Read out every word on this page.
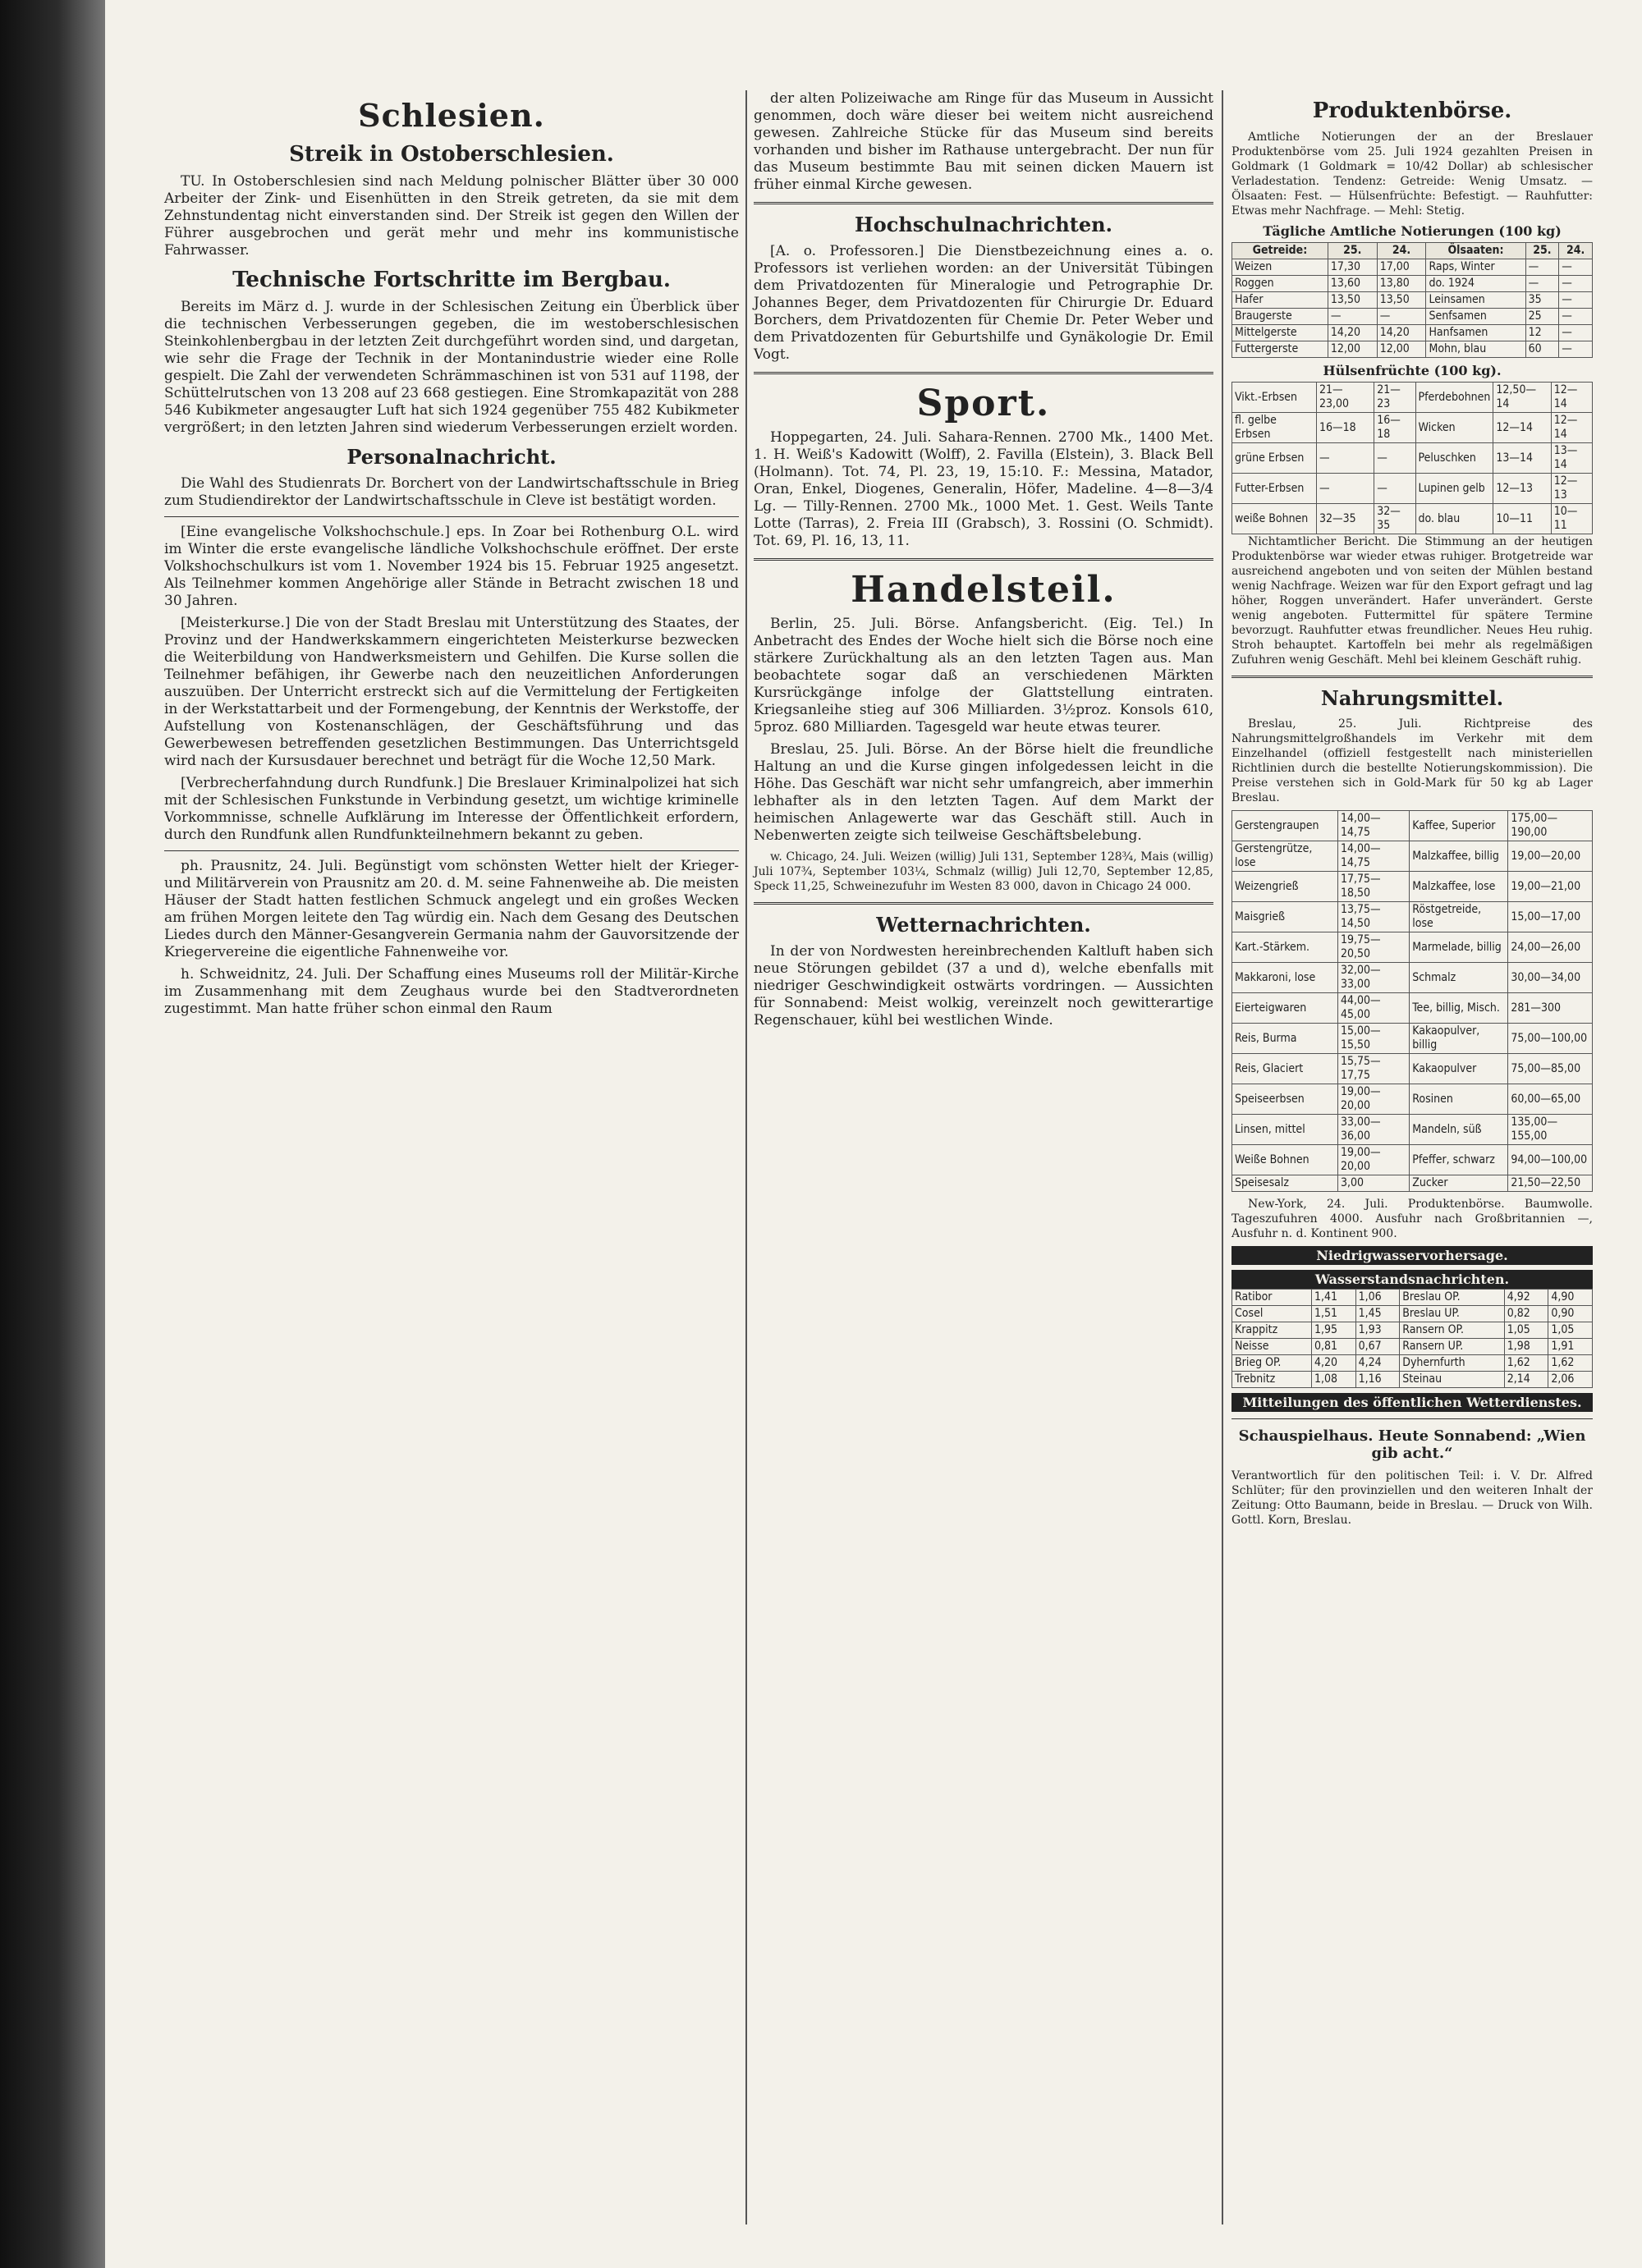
Schlesien.
Streik in Ostoberschlesien.

TU. In Ostoberschlesien sind nach Meldung polnischer Blätter über 30 000 Arbeiter der Zink- und Eisenhütten in den Streik getreten, da sie mit dem Zehnstundentag nicht einverstanden sind. Der Streik ist gegen den Willen der Führer ausgebrochen und gerät mehr und mehr ins kommunistische Fahrwasser.

Technische Fortschritte im Bergbau.

Bereits im März d. J. wurde in der Schlesischen Zeitung ein Überblick über die technischen Verbesserungen gegeben, die im westoberschlesischen Steinkohlenbergbau in der letzten Zeit durchgeführt worden sind, und dargetan, wie sehr die Frage der Technik in der Montanindustrie wieder eine Rolle gespielt. Die Zahl der verwendeten Schrämmaschinen ist von 531 auf 1198, der Schüttelrutschen von 13 208 auf 23 668 gestiegen. Eine Stromkapazität von 288 546 Kubikmeter angesaugter Luft hat sich 1924 gegenüber 755 482 Kubikmeter vergrößert; in den letzten Jahren sind wiederum Verbesserungen erzielt worden.

Personalnachricht.

Die Wahl des Studienrats Dr. Borchert von der Landwirtschaftsschule in Brieg zum Studiendirektor der Landwirtschaftsschule in Cleve ist bestätigt worden.

[Eine evangelische Volkshochschule.] eps. In Zoar bei Rothenburg O.L. wird im Winter die erste evangelische ländliche Volkshochschule eröffnet. Der erste Volkshochschulkurs ist vom 1. November 1924 bis 15. Februar 1925 angesetzt. Als Teilnehmer kommen Angehörige aller Stände in Betracht zwischen 18 und 30 Jahren.

[Meisterkurse.] Die von der Stadt Breslau mit Unterstützung des Staates, der Provinz und der Handwerkskammern eingerichteten Meisterkurse bezwecken die Weiterbildung von Handwerksmeistern und Gehilfen. Die Kurse sollen die Teilnehmer befähigen, ihr Gewerbe nach den neuzeitlichen Anforderungen auszuüben. Der Unterricht erstreckt sich auf die Vermittelung der Fertigkeiten in der Werkstattarbeit und der Formengebung, der Kenntnis der Werkstoffe, der Aufstellung von Kostenanschlägen, der Geschäftsführung und das Gewerbewesen betreffenden gesetzlichen Bestimmungen. Das Unterrichtsgeld wird nach der Kursusdauer berechnet und beträgt für die Woche 12,50 Mark.

[Verbrecherfahndung durch Rundfunk.] Die Breslauer Kriminalpolizei hat sich mit der Schlesischen Funkstunde in Verbindung gesetzt, um wichtige kriminelle Vorkommnisse, schnelle Aufklärung im Interesse der Öffentlichkeit erfordern, durch den Rundfunk allen Rundfunkteilnehmern bekannt zu geben.

ph. Prausnitz, 24. Juli. Begünstigt vom schönsten Wetter hielt der Krieger- und Militärverein von Prausnitz am 20. d. M. seine Fahnenweihe ab. Die meisten Häuser der Stadt hatten festlichen Schmuck angelegt und ein großes Wecken am frühen Morgen leitete den Tag würdig ein. Nach dem Gesang des Deutschen Liedes durch den Männer-Gesangverein Germania nahm der Gauvorsitzende der Kriegervereine die eigentliche Fahnenweihe vor.

h. Schweidnitz, 24. Juli. Der Schaffung eines Museums roll der Militär-Kirche im Zusammenhang mit dem Zeughaus wurde bei den Stadtverordneten zugestimmt. Man hatte früher schon einmal den Raum

der alten Polizeiwache am Ringe für das Museum in Aussicht genommen, doch wäre dieser bei weitem nicht ausreichend gewesen. Zahlreiche Stücke für das Museum sind bereits vorhanden und bisher im Rathause untergebracht. Der nun für das Museum bestimmte Bau mit seinen dicken Mauern ist früher einmal Kirche gewesen.

Hochschulnachrichten.

[A. o. Professoren.] Die Dienstbezeichnung eines a. o. Professors ist verliehen worden: an der Universität Tübingen dem Privatdozenten für Mineralogie und Petrographie Dr. Johannes Beger, dem Privatdozenten für Chirurgie Dr. Eduard Borchers, dem Privatdozenten für Chemie Dr. Peter Weber und dem Privatdozenten für Geburtshilfe und Gynäkologie Dr. Emil Vogt.

Sport.

Hoppegarten, 24. Juli. Sahara-Rennen. 2700 Mk., 1400 Met. 1. H. Weiß's Kadowitt (Wolff), 2. Favilla (Elstein), 3. Black Bell (Holmann). Tot. 74, Pl. 23, 19, 15:10. F.: Messina, Matador, Oran, Enkel, Diogenes, Generalin, Höfer, Madeline. 4—8—3/4 Lg. — Tilly-Rennen. 2700 Mk., 1000 Met. 1. Gest. Weils Tante Lotte (Tarras), 2. Freia III (Grabsch), 3. Rossini (O. Schmidt). Tot. 69, Pl. 16, 13, 11.

Handelsteil.

Berlin, 25. Juli. Börse. Anfangsbericht. (Eig. Tel.) In Anbetracht des Endes der Woche hielt sich die Börse noch eine stärkere Zurückhaltung als an den letzten Tagen aus. Man beobachtete sogar daß an verschiedenen Märkten Kursrückgänge infolge der Glattstellung eintraten. Kriegsanleihe stieg auf 306 Milliarden. 3½proz. Konsols 610, 5proz. 680 Milliarden. Tagesgeld war heute etwas teurer.

Breslau, 25. Juli. Börse. An der Börse hielt die freundliche Haltung an und die Kurse gingen infolgedessen leicht in die Höhe. Das Geschäft war nicht sehr umfangreich, aber immerhin lebhafter als in den letzten Tagen. Auf dem Markt der heimischen Anlagewerte war das Geschäft still. Auch in Nebenwerten zeigte sich teilweise Geschäftsbelebung.

w. Chicago, 24. Juli. Weizen (willig) Juli 131, September 128¾, Mais (willig) Juli 107¾, September 103¼, Schmalz (willig) Juli 12,70, September 12,85, Speck 11,25, Schweinezufuhr im Westen 83 000, davon in Chicago 24 000.

Wetternachrichten.

In der von Nordwesten hereinbrechenden Kaltluft haben sich neue Störungen gebildet (37 a und d), welche ebenfalls mit niedriger Geschwindigkeit ostwärts vordringen. — Aussichten für Sonnabend: Meist wolkig, vereinzelt noch gewitterartige Regenschauer, kühl bei westlichen Winde.

Produktenbörse.

Amtliche Notierungen der an der Breslauer Produktenbörse vom 25. Juli 1924 gezahlten Preisen in Goldmark (1 Goldmark = 10/42 Dollar) ab schlesischer Verladestation. Tendenz: Getreide: Wenig Umsatz. — Ölsaaten: Fest. — Hülsenfrüchte: Befestigt. — Rauhfutter: Etwas mehr Nachfrage. — Mehl: Stetig.

Tägliche Amtliche Notierungen (100 kg)
Getreide:	25.	24.	Ölsaaten:	25.	24.
Weizen	17,30	17,00	Raps, Winter	—	—
Roggen	13,60	13,80	do. 1924	—	—
Hafer	13,50	13,50	Leinsamen	35	—
Braugerste	—	—	Senfsamen	25	—
Mittelgerste	14,20	14,20	Hanfsamen	12	—
Futtergerste	12,00	12,00	Mohn, blau	60	—
Hülsenfrüchte (100 kg).
Vikt.-Erbsen	21—23,00	21—23	Pferdebohnen	12,50—14	12—14
fl. gelbe Erbsen	16—18	16—18	Wicken	12—14	12—14
grüne Erbsen	—	—	Peluschken	13—14	13—14
Futter-Erbsen	—	—	Lupinen gelb	12—13	12—13
weiße Bohnen	32—35	32—35	do. blau	10—11	10—11

Nichtamtlicher Bericht. Die Stimmung an der heutigen Produktenbörse war wieder etwas ruhiger. Brotgetreide war ausreichend angeboten und von seiten der Mühlen bestand wenig Nachfrage. Weizen war für den Export gefragt und lag höher, Roggen unverändert. Hafer unverändert. Gerste wenig angeboten. Futtermittel für spätere Termine bevorzugt. Rauhfutter etwas freundlicher. Neues Heu ruhig. Stroh behauptet. Kartoffeln bei mehr als regelmäßigen Zufuhren wenig Geschäft. Mehl bei kleinem Geschäft ruhig.

Nahrungsmittel.

Breslau, 25. Juli. Richtpreise des Nahrungsmittelgroßhandels im Verkehr mit dem Einzelhandel (offiziell festgestellt nach ministeriellen Richtlinien durch die bestellte Notierungskommission). Die Preise verstehen sich in Gold-Mark für 50 kg ab Lager Breslau.

Gerstengraupen	14,00—14,75	Kaffee, Superior	175,00—190,00
Gerstengrütze, lose	14,00—14,75	Malzkaffee, billig	19,00—20,00
Weizengrieß	17,75—18,50	Malzkaffee, lose	19,00—21,00
Maisgrieß	13,75—14,50	Röstgetreide, lose	15,00—17,00
Kart.-Stärkem.	19,75—20,50	Marmelade, billig	24,00—26,00
Makkaroni, lose	32,00—33,00	Schmalz	30,00—34,00
Eierteigwaren	44,00—45,00	Tee, billig, Misch.	281—300
Reis, Burma	15,00—15,50	Kakaopulver, billig	75,00—100,00
Reis, Glaciert	15,75—17,75	Kakaopulver	75,00—85,00
Speiseerbsen	19,00—20,00	Rosinen	60,00—65,00
Linsen, mittel	33,00—36,00	Mandeln, süß	135,00—155,00
Weiße Bohnen	19,00—20,00	Pfeffer, schwarz	94,00—100,00
Speisesalz	3,00	Zucker	21,50—22,50

New-York, 24. Juli. Produktenbörse. Baumwolle. Tageszufuhren 4000. Ausfuhr nach Großbritannien —, Ausfuhr n. d. Kontinent 900.

Niedrigwasservorhersage.
Wasserstandsnachrichten.
Ratibor	1,41	1,06	Breslau OP.	4,92	4,90
Cosel	1,51	1,45	Breslau UP.	0,82	0,90
Krappitz	1,95	1,93	Ransern OP.	1,05	1,05
Neisse	0,81	0,67	Ransern UP.	1,98	1,91
Brieg OP.	4,20	4,24	Dyhernfurth	1,62	1,62
Trebnitz	1,08	1,16	Steinau	2,14	2,06
Mitteilungen des öffentlichen Wetterdienstes.
Schauspielhaus. Heute Sonnabend: „Wien gib acht.“

Verantwortlich für den politischen Teil: i. V. Dr. Alfred Schlüter; für den provinziellen und den weiteren Inhalt der Zeitung: Otto Baumann, beide in Breslau. — Druck von Wilh. Gottl. Korn, Breslau.
